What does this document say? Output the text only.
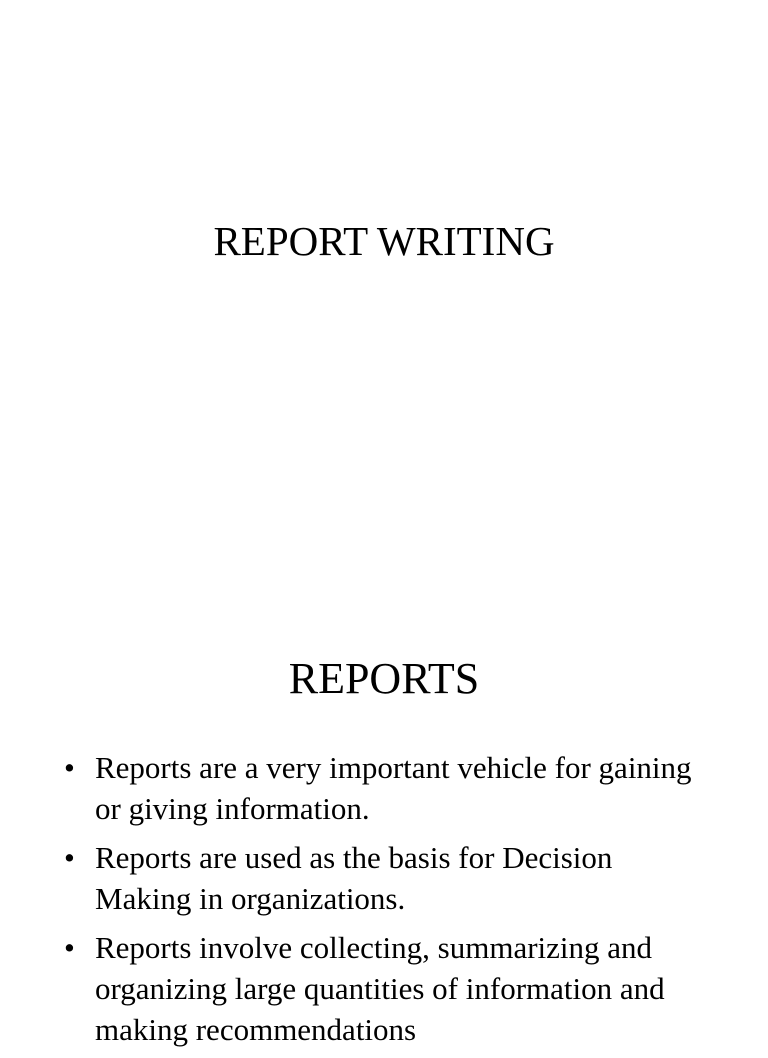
REPORT WRITING
REPORTS
• Reports are a very important vehicle for gaining or giving information.
• Reports are used as the basis for Decision Making in organizations.
• Reports involve collecting, summarizing and organizing large quantities of information and making recommendations
